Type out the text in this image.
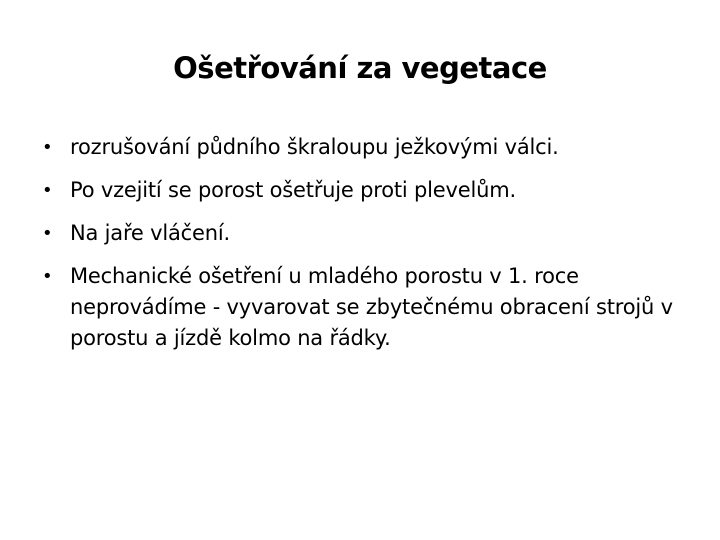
Ošetřování za vegetace
• rozrušování půdního škraloupu ježkovými válci.
• Po vzejití se porost ošetřuje proti plevelům.
• Na jaře vláčení.
• Mechanické ošetření u mladého porostu v 1. roce neprovádíme - vyvarovat se zbytečnému obracení strojů v porostu a jízdě kolmo na řádky.
